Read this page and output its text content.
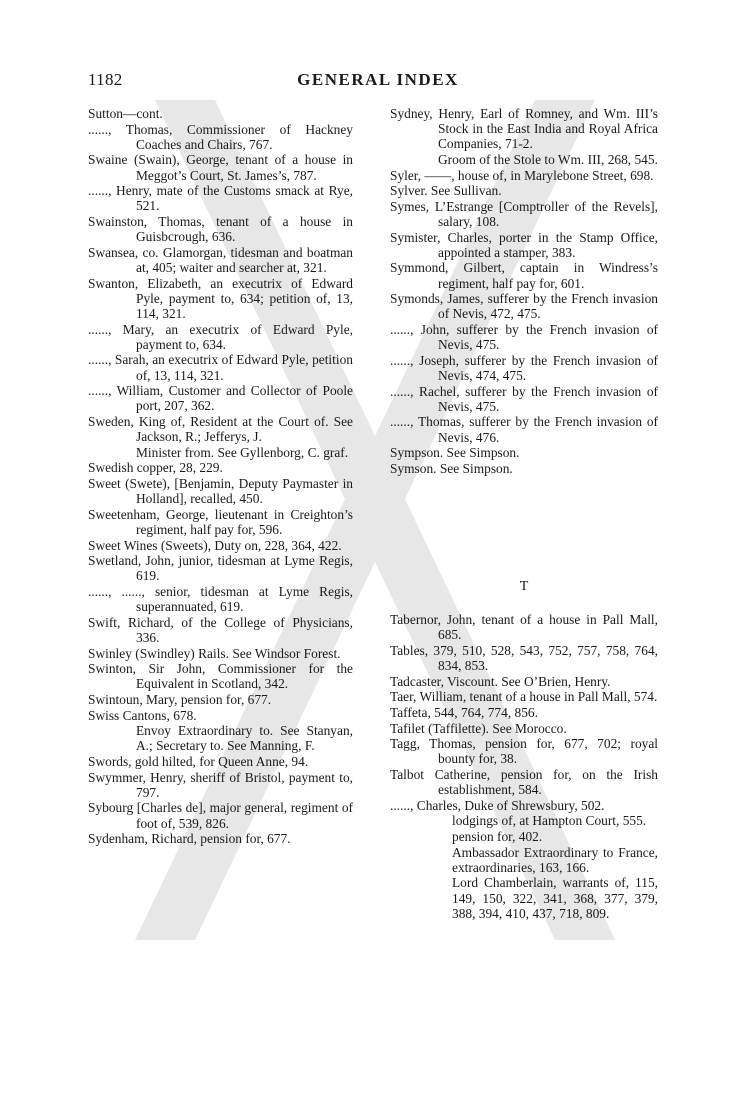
1182	GENERAL INDEX
Sutton—cont.
......, Thomas, Commissioner of Hackney Coaches and Chairs, 767.
Swaine (Swain), George, tenant of a house in Meggot’s Court, St. James’s, 787.
......, Henry, mate of the Customs smack at Rye, 521.
Swainston, Thomas, tenant of a house in Guisbcrough, 636.
Swansea, co. Glamorgan, tidesman and boatman at, 405; waiter and searcher at, 321.
Swanton, Elizabeth, an executrix of Edward Pyle, payment to, 634; petition of, 13, 114, 321.
......, Mary, an executrix of Edward Pyle, payment to, 634.
......, Sarah, an executrix of Edward Pyle, petition of, 13, 114, 321.
......, William, Customer and Collector of Poole port, 207, 362.
Sweden, King of, Resident at the Court of. See Jackson, R.; Jefferys, J.
Minister from. See Gyllenborg, C. graf.
Swedish copper, 28, 229.
Sweet (Swete), [Benjamin, Deputy Paymaster in Holland], recalled, 450.
Sweetenham, George, lieutenant in Creighton’s regiment, half pay for, 596.
Sweet Wines (Sweets), Duty on, 228, 364, 422.
Swetland, John, junior, tidesman at Lyme Regis, 619.
......, ......, senior, tidesman at Lyme Regis, superannuated, 619.
Swift, Richard, of the College of Physicians, 336.
Swinley (Swindley) Rails. See Windsor Forest.
Swinton, Sir John, Commissioner for the Equivalent in Scotland, 342.
Swintoun, Mary, pension for, 677.
Swiss Cantons, 678.
Envoy Extraordinary to. See Stanyan, A.; Secretary to. See Manning, F.
Swords, gold hilted, for Queen Anne, 94.
Swymmer, Henry, sheriff of Bristol, payment to, 797.
Sybourg [Charles de], major general, regiment of foot of, 539, 826.
Sydenham, Richard, pension for, 677.
Sydney, Henry, Earl of Romney, and Wm. III’s Stock in the East India and Royal Africa Companies, 71-2.
Groom of the Stole to Wm. III, 268, 545.
Syler, ——, house of, in Marylebone Street, 698.
Sylver. See Sullivan.
Symes, L’Estrange [Comptroller of the Revels], salary, 108.
Symister, Charles, porter in the Stamp Office, appointed a stamper, 383.
Symmond, Gilbert, captain in Windress’s regiment, half pay for, 601.
Symonds, James, sufferer by the French invasion of Nevis, 472, 475.
......, John, sufferer by the French invasion of Nevis, 475.
......, Joseph, sufferer by the French invasion of Nevis, 474, 475.
......, Rachel, sufferer by the French invasion of Nevis, 475.
......, Thomas, sufferer by the French invasion of Nevis, 476.
Sympson. See Simpson.
Symson. See Simpson.
T
Tabernor, John, tenant of a house in Pall Mall, 685.
Tables, 379, 510, 528, 543, 752, 757, 758, 764, 834, 853.
Tadcaster, Viscount. See O’Brien, Henry.
Taer, William, tenant of a house in Pall Mall, 574.
Taffeta, 544, 764, 774, 856.
Tafilet (Taffilette). See Morocco.
Tagg, Thomas, pension for, 677, 702; royal bounty for, 38.
Talbot Catherine, pension for, on the Irish establishment, 584.
......, Charles, Duke of Shrewsbury, 502.
lodgings of, at Hampton Court, 555.
pension for, 402.
Ambassador Extraordinary to France, extraordinaries, 163, 166.
Lord Chamberlain, warrants of, 115, 149, 150, 322, 341, 368, 377, 379, 388, 394, 410, 437, 718, 809.
